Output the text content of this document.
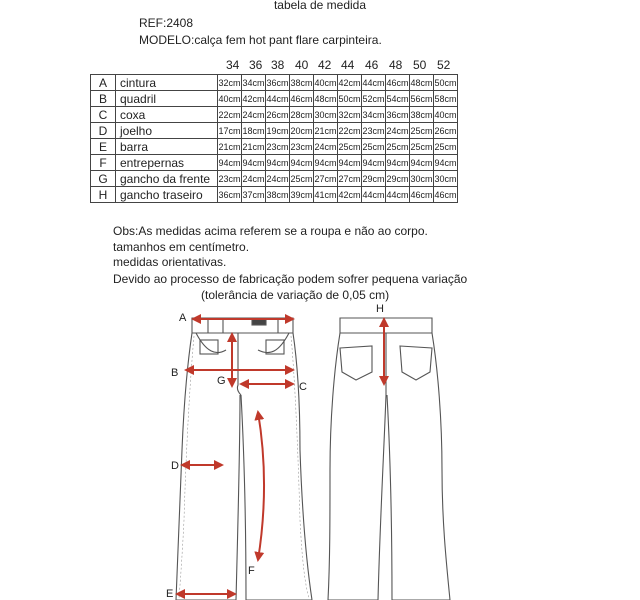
tabela de medida
REF:2408
MODELO:calça fem hot pant flare carpinteira.
34 36 38 40 42 44 46 48 50 52
A	cintura	32cm	34cm	36cm	38cm	40cm	42cm	44cm	46cm	48cm	50cm
B	quadril	40cm	42cm	44cm	46cm	48cm	50cm	52cm	54cm	56cm	58cm
C	coxa	22cm	24cm	26cm	28cm	30cm	32cm	34cm	36cm	38cm	40cm
D	joelho	17cm	18cm	19cm	20cm	21cm	22cm	23cm	24cm	25cm	26cm
E	barra	21cm	21cm	23cm	23cm	24cm	25cm	25cm	25cm	25cm	25cm
F	entrepernas	94cm	94cm	94cm	94cm	94cm	94cm	94cm	94cm	94cm	94cm
G	gancho da frente	23cm	24cm	24cm	25cm	27cm	27cm	29cm	29cm	30cm	30cm
H	gancho traseiro	36cm	37cm	38cm	39cm	41cm	42cm	44cm	44cm	46cm	46cm
Obs:As medidas acima referem se a roupa e não ao corpo.
tamanhos em centímetro.
medidas orientativas.
Devido ao processo de fabricação podem sofrer pequena variação
(tolerância de variação de 0,05 cm)
A
B
C
D
E
F
G
H
